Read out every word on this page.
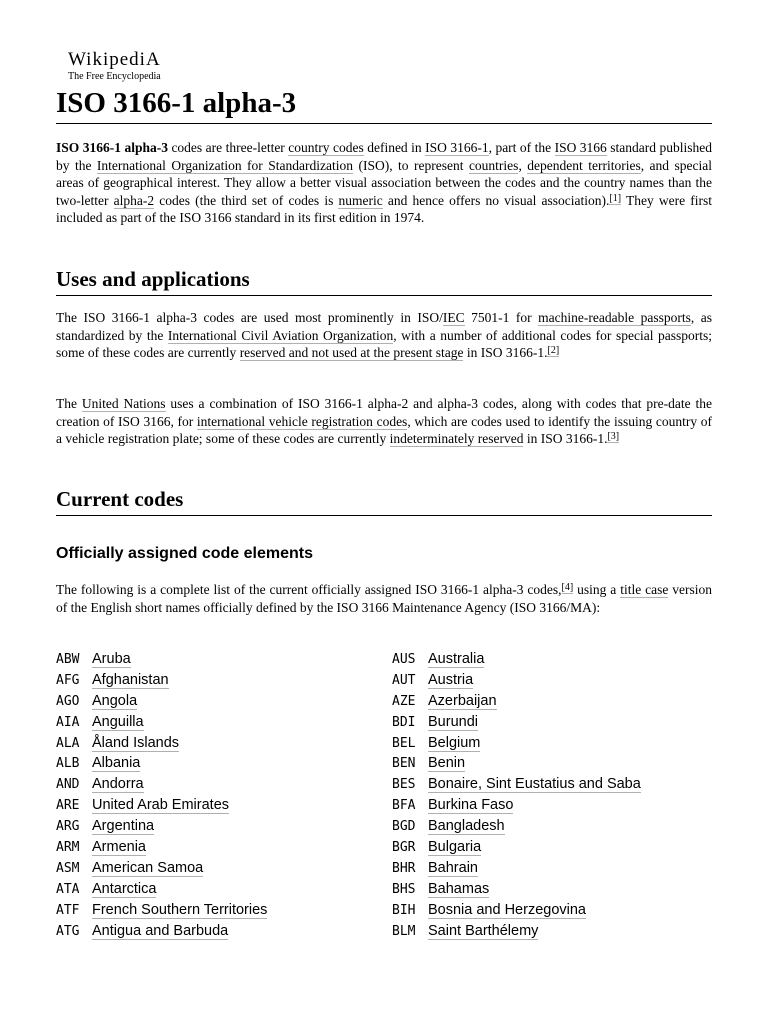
WikipediA
The Free Encyclopedia
ISO 3166-1 alpha-3

ISO 3166-1 alpha-3 codes are three-letter country codes defined in ISO 3166-1, part of the ISO 3166 standard published by the International Organization for Standardization (ISO), to represent countries, dependent territories, and special areas of geographical interest. They allow a better visual association between the codes and the country names than the two-letter alpha-2 codes (the third set of codes is numeric and hence offers no visual association).[1] They were first included as part of the ISO 3166 standard in its first edition in 1974.

Uses and applications

The ISO 3166-1 alpha-3 codes are used most prominently in ISO/IEC 7501-1 for machine-readable passports, as standardized by the International Civil Aviation Organization, with a number of additional codes for special passports; some of these codes are currently reserved and not used at the present stage in ISO 3166-1.[2]

The United Nations uses a combination of ISO 3166-1 alpha-2 and alpha-3 codes, along with codes that pre-date the creation of ISO 3166, for international vehicle registration codes, which are codes used to identify the issuing country of a vehicle registration plate; some of these codes are currently indeterminately reserved in ISO 3166-1.[3]

Current codes
Officially assigned code elements

The following is a complete list of the current officially assigned ISO 3166-1 alpha-3 codes,[4] using a title case version of the English short names officially defined by the ISO 3166 Maintenance Agency (ISO 3166/MA):

ABW Aruba
AFG Afghanistan
AGO Angola
AIA Anguilla
ALA Åland Islands
ALB Albania
AND Andorra
ARE United Arab Emirates
ARG Argentina
ARM Armenia
ASM American Samoa
ATA Antarctica
ATF French Southern Territories
ATG Antigua and Barbuda
AUS Australia
AUT Austria
AZE Azerbaijan
BDI Burundi
BEL Belgium
BEN Benin
BES Bonaire, Sint Eustatius and Saba
BFA Burkina Faso
BGD Bangladesh
BGR Bulgaria
BHR Bahrain
BHS Bahamas
BIH Bosnia and Herzegovina
BLM Saint Barthélemy
